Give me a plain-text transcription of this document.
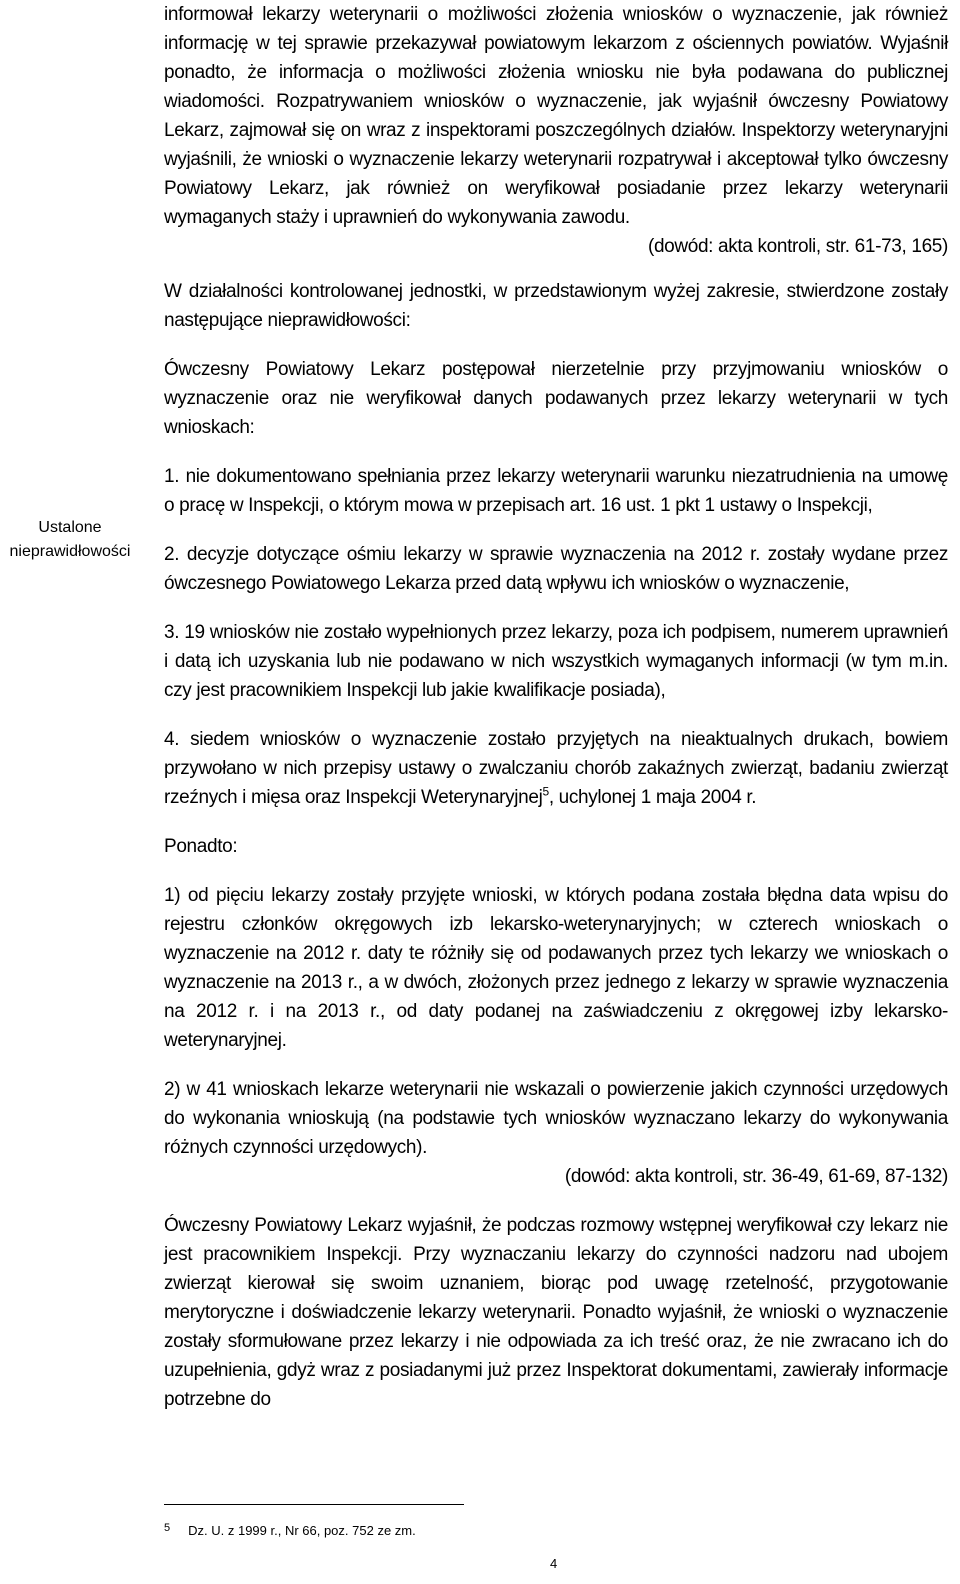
Ustalone
nieprawidłowości

informował lekarzy weterynarii o możliwości złożenia wniosków o wyznaczenie, jak również informację w tej sprawie przekazywał powiatowym lekarzom z ościennych powiatów. Wyjaśnił ponadto, że informacja o możliwości złożenia wniosku nie była podawana do publicznej wiadomości. Rozpatrywaniem wniosków o wyznaczenie, jak wyjaśnił ówczesny Powiatowy Lekarz, zajmował się on wraz z inspektorami poszczególnych działów. Inspektorzy weterynaryjni wyjaśnili, że wnioski o wyznaczenie lekarzy weterynarii rozpatrywał i akceptował tylko ówczesny Powiatowy Lekarz, jak również on weryfikował posiadanie przez lekarzy weterynarii wymaganych staży i uprawnień do wykonywania zawodu.

(dowód: akta kontroli, str. 61-73, 165)

W działalności kontrolowanej jednostki, w przedstawionym wyżej zakresie, stwierdzone zostały następujące nieprawidłowości:

Ówczesny Powiatowy Lekarz postępował nierzetelnie przy przyjmowaniu wniosków o wyznaczenie oraz nie weryfikował danych podawanych przez lekarzy weterynarii w tych wnioskach:

1. nie dokumentowano spełniania przez lekarzy weterynarii warunku niezatrudnienia na umowę o pracę w Inspekcji, o którym mowa w przepisach art. 16 ust. 1 pkt 1 ustawy o Inspekcji,

2. decyzje dotyczące ośmiu lekarzy w sprawie wyznaczenia na 2012 r. zostały wydane przez ówczesnego Powiatowego Lekarza przed datą wpływu ich wniosków o wyznaczenie,

3. 19 wniosków nie zostało wypełnionych przez lekarzy, poza ich podpisem, numerem uprawnień i datą ich uzyskania lub nie podawano w nich wszystkich wymaganych informacji (w tym m.in. czy jest pracownikiem Inspekcji lub jakie kwalifikacje posiada),

4. siedem wniosków o wyznaczenie zostało przyjętych na nieaktualnych drukach, bowiem przywołano w nich przepisy ustawy o zwalczaniu chorób zakaźnych zwierząt, badaniu zwierząt rzeźnych i mięsa oraz Inspekcji Weterynaryjnej$^5$, uchylonej 1 maja 2004 r.

Ponadto:

1) od pięciu lekarzy zostały przyjęte wnioski, w których podana została błędna data wpisu do rejestru członków okręgowych izb lekarsko-weterynaryjnych; w czterech wnioskach o wyznaczenie na 2012 r. daty te różniły się od podawanych przez tych lekarzy we wnioskach o wyznaczenie na 2013 r., a w dwóch, złożonych przez jednego z lekarzy w sprawie wyznaczenia na 2012 r. i na 2013 r., od daty podanej na zaświadczeniu z okręgowej izby lekarsko-weterynaryjnej.

2) w 41 wnioskach lekarze weterynarii nie wskazali o powierzenie jakich czynności urzędowych do wykonania wnioskują (na podstawie tych wniosków wyznaczano lekarzy do wykonywania różnych czynności urzędowych).

(dowód: akta kontroli, str. 36-49, 61-69, 87-132)

Ówczesny Powiatowy Lekarz wyjaśnił, że podczas rozmowy wstępnej weryfikował czy lekarz nie jest pracownikiem Inspekcji. Przy wyznaczaniu lekarzy do czynności nadzoru nad ubojem zwierząt kierował się swoim uznaniem, biorąc pod uwagę rzetelność, przygotowanie merytoryczne i doświadczenie lekarzy weterynarii. Ponadto wyjaśnił, że wnioski o wyznaczenie zostały sformułowane przez lekarzy i nie odpowiada za ich treść oraz, że nie zwracano ich do uzupełnienia, gdyż wraz z posiadanymi już przez Inspektorat dokumentami, zawierały informacje potrzebne do

$^5$ Dz. U. z 1999 r., Nr 66, poz. 752 ze zm.
4
